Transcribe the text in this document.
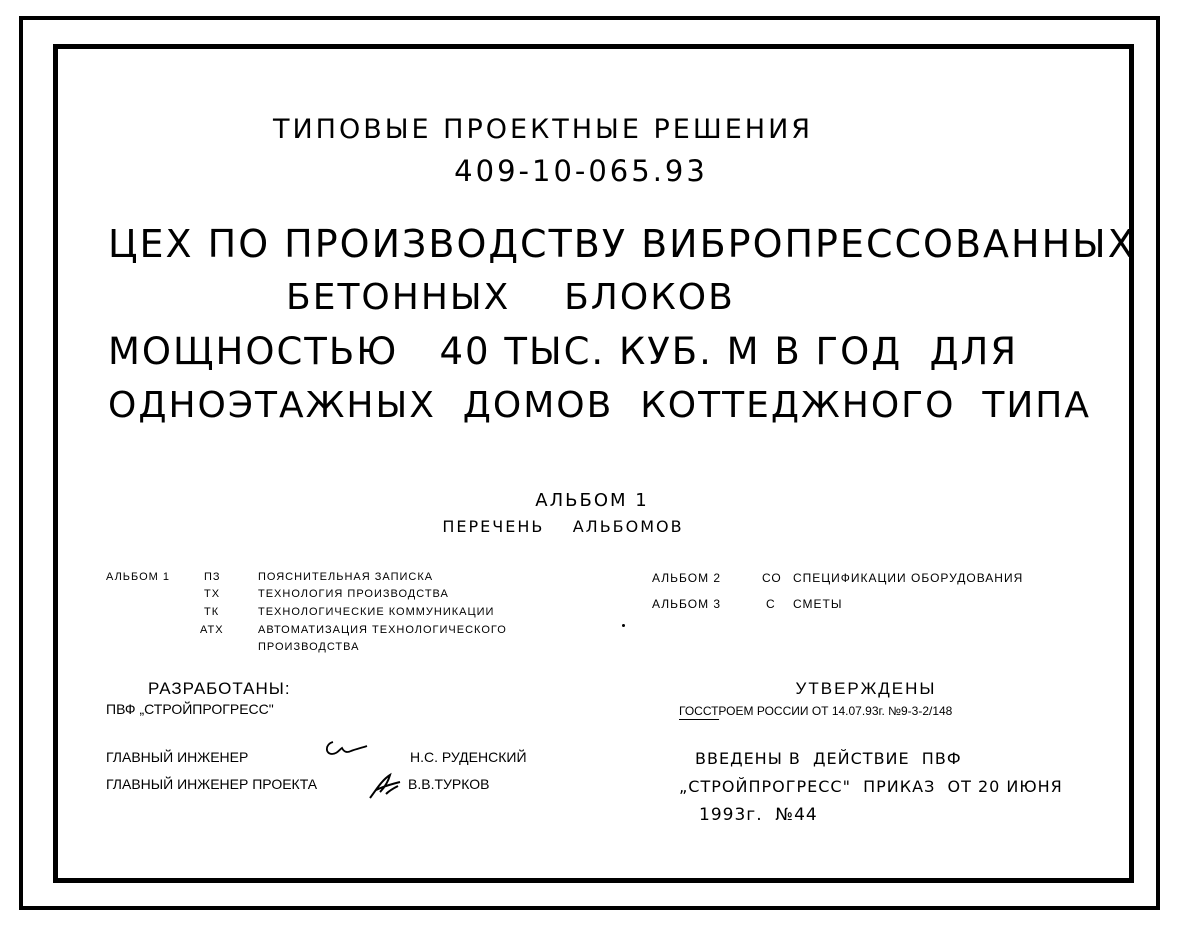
ТИПОВЫЕ ПРОЕКТНЫЕ РЕШЕНИЯ
409-10-065.93
ЦЕХ ПО ПРОИЗВОДСТВУ ВИБРОПРЕССОВАННЫХ
БЕТОННЫХ    БЛОКОВ
МОЩНОСТЬЮ   40 ТЫС. КУБ. М В ГОД  ДЛЯ
ОДНОЭТАЖНЫХ  ДОМОВ  КОТТЕДЖНОГО  ТИПА
АЛЬБОМ 1
ПЕРЕЧЕНЬ    АЛЬБОМОВ
АЛЬБОМ 1	ПЗ	ПОЯСНИТЕЛЬНАЯ ЗАПИСКА
ТХ	ТЕХНОЛОГИЯ ПРОИЗВОДСТВА
ТК	ТЕХНОЛОГИЧЕСКИЕ КОММУНИКАЦИИ
АТХ	АВТОМАТИЗАЦИЯ ТЕХНОЛОГИЧЕСКОГО
ПРОИЗВОДСТВА
АЛЬБОМ 2	СО СПЕЦИФИКАЦИИ ОБОРУДОВАНИЯ
АЛЬБОМ 3	С СМЕТЫ
РАЗРАБОТАНЫ:
ПВФ „СТРОЙПРОГРЕСС"
УТВЕРЖДЕНЫ
ГОССТРОЕМ РОССИИ ОТ 14.07.93г. №9-3-2/148
ГЛАВНЫЙ ИНЖЕНЕР	Н.С. РУДЕНСКИЙ
ГЛАВНЫЙ ИНЖЕНЕР ПРОЕКТА	В.В.ТУРКОВ
ВВЕДЕНЫ В  ДЕЙСТВИЕ  ПВФ
„СТРОЙПРОГРЕСС"  ПРИКАЗ  ОТ 20 ИЮНЯ
1993г.  №44
